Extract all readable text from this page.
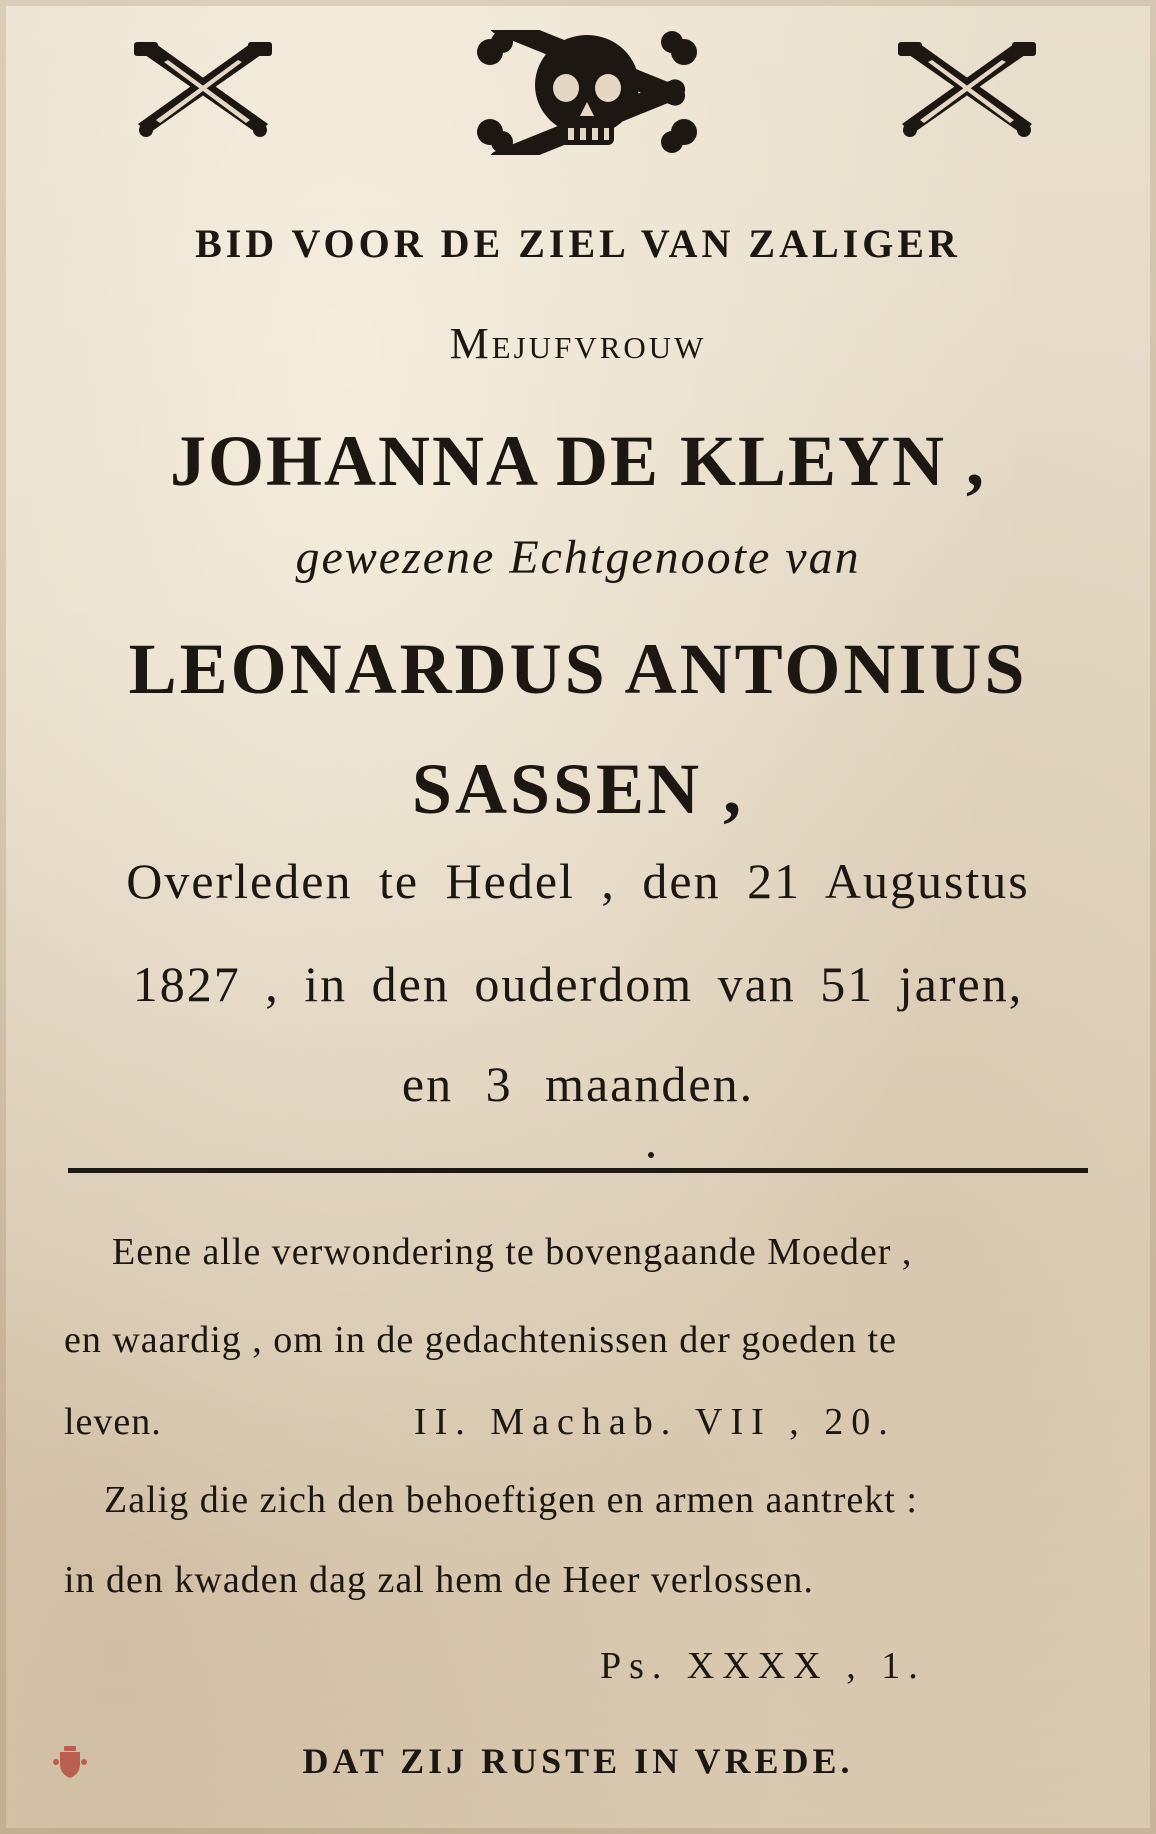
BID VOOR DE ZIEL VAN ZALIGER
Mejufvrouw
JOHANNA DE KLEYN ,
gewezene Echtgenoote van
LEONARDUS ANTONIUS
SASSEN ,
Overleden te Hedel , den 21 Augustus
1827 , in den ouderdom van 51 jaren,
en 3 maanden.
Eene alle verwondering te bovengaande Moeder ,
en waardig , om in de gedachtenissen der goeden te
leven.	II. Machab. VII , 20.
Zalig die zich den behoeftigen en armen aantrekt :
in den kwaden dag zal hem de Heer verlossen.
Ps. XXXX , 1.
DAT ZIJ RUSTE IN VREDE.
